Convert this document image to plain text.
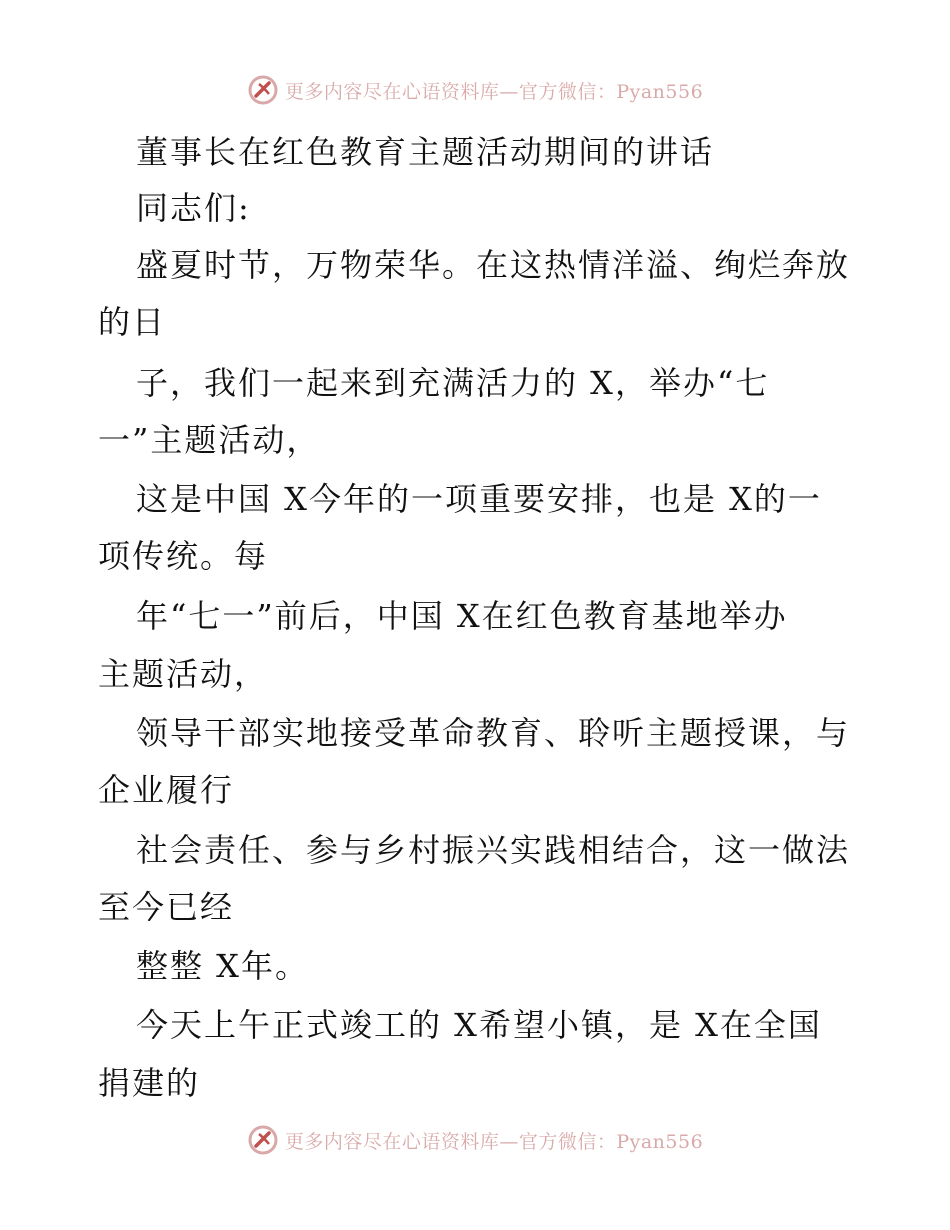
更多内容尽在心语资料库—官方微信：Pyan556
董事长在红色教育主题活动期间的讲话
同志们:
盛夏时节，万物荣华。在这热情洋溢、绚烂奔放
的日
子，我们一起来到充满活力的 X，举办“七
一”主题活动，
这是中国 X今年的一项重要安排，也是 X的一
项传统。每
年“七一”前后，中国 X在红色教育基地举办
主题活动，
领导干部实地接受革命教育、聆听主题授课，与
企业履行
社会责任、参与乡村振兴实践相结合，这一做法
至今已经
整整 X年。
今天上午正式竣工的 X希望小镇，是 X在全国
捐建的
更多内容尽在心语资料库—官方微信：Pyan556
